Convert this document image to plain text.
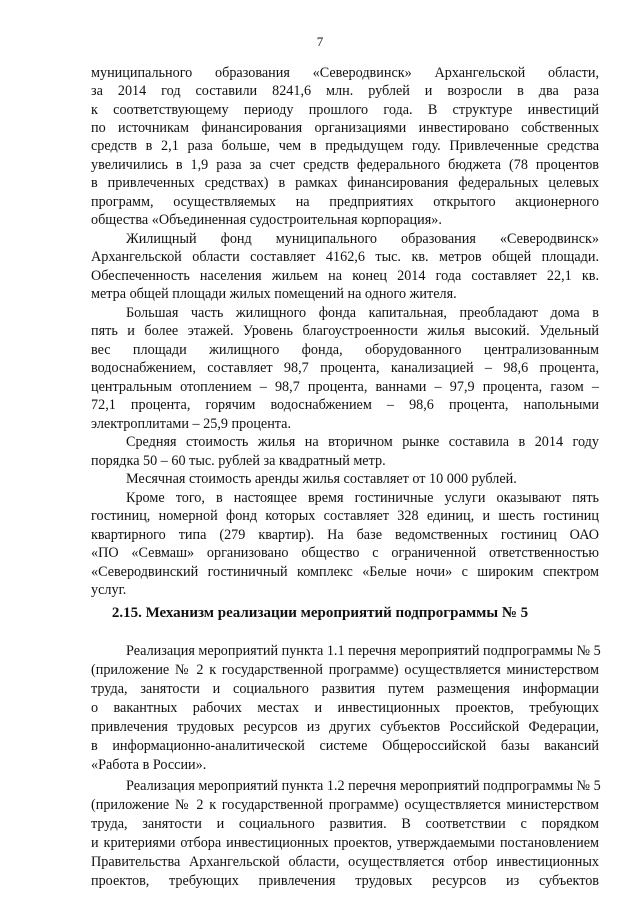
7
муниципального образования «Северодвинск» Архангельской области,
за 2014 год составили 8241,6 млн. рублей и возросли в два раза
к соответствующему периоду прошлого года. В структуре инвестиций
по источникам финансирования организациями инвестировано собственных
средств в 2,1 раза больше, чем в предыдущем году. Привлеченные средства
увеличились в 1,9 раза за счет средств федерального бюджета (78 процентов
в привлеченных средствах) в рамках финансирования федеральных целевых
программ, осуществляемых на предприятиях открытого акционерного
общества «Объединенная судостроительная корпорация».
Жилищный фонд муниципального образования «Северодвинск»
Архангельской области составляет 4162,6 тыс. кв. метров общей площади.
Обеспеченность населения жильем на конец 2014 года составляет 22,1 кв.
метра общей площади жилых помещений на одного жителя.
Большая часть жилищного фонда капитальная, преобладают дома в
пять и более этажей. Уровень благоустроенности жилья высокий. Удельный
вес площади жилищного фонда, оборудованного централизованным
водоснабжением, составляет 98,7 процента, канализацией – 98,6 процента,
центральным отоплением – 98,7 процента, ваннами – 97,9 процента, газом –
72,1 процента, горячим водоснабжением – 98,6 процента, напольными
электроплитами – 25,9 процента.
Средняя стоимость жилья на вторичном рынке составила в 2014 году
порядка 50 – 60 тыс. рублей за квадратный метр.
Месячная стоимость аренды жилья составляет от 10 000 рублей.
Кроме того, в настоящее время гостиничные услуги оказывают пять
гостиниц, номерной фонд которых составляет 328 единиц, и шесть гостиниц
квартирного типа (279 квартир). На базе ведомственных гостиниц ОАО
«ПО «Севмаш» организовано общество с ограниченной ответственностью
«Северодвинский гостиничный комплекс «Белые ночи» с широким спектром
услуг.
2.15. Механизм реализации мероприятий подпрограммы № 5
Реализация мероприятий пункта 1.1 перечня мероприятий подпрограммы № 5
(приложение № 2 к государственной программе) осуществляется министерством
труда, занятости и социального развития путем размещения информации
о вакантных рабочих местах и инвестиционных проектов, требующих
привлечения трудовых ресурсов из других субъектов Российской Федерации,
в информационно-аналитической системе Общероссийской базы вакансий
«Работа в России».
Реализация мероприятий пункта 1.2 перечня мероприятий подпрограммы № 5
(приложение № 2 к государственной программе) осуществляется министерством
труда, занятости и социального развития. В соответствии с порядком
и критериями отбора инвестиционных проектов, утверждаемыми постановлением
Правительства Архангельской области, осуществляется отбор инвестиционных
проектов, требующих привлечения трудовых ресурсов из субъектов
